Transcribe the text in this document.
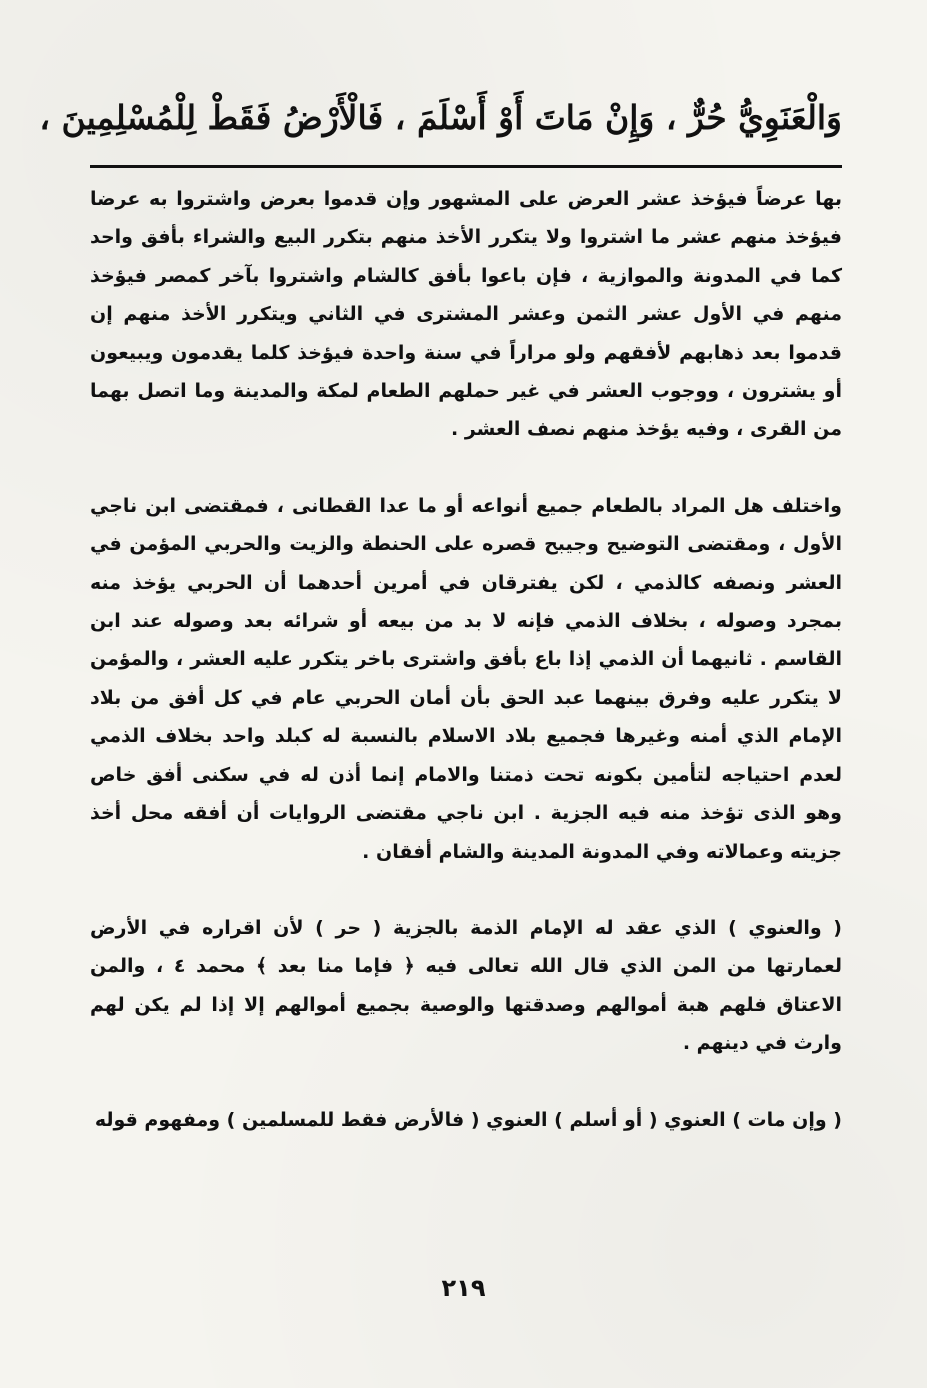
وَالْعَنَوِيُّ حُرٌّ ، وَإِنْ مَاتَ أَوْ أَسْلَمَ ، فَالْأَرْضُ فَقَطْ لِلْمُسْلِمِينَ ،

بها عرضاً فيؤخذ عشر العرض على المشهور وإن قدموا بعرض واشتروا به عرضا فيؤخذ منهم عشر ما اشتروا ولا يتكرر الأخذ منهم بتكرر البيع والشراء بأفق واحد كما في المدونة والموازية ، فإن باعوا بأفق كالشام واشتروا بآخر كمصر فيؤخذ منهم في الأول عشر الثمن وعشر المشترى في الثاني ويتكرر الأخذ منهم إن قدموا بعد ذهابهم لأفقهم ولو مراراً في سنة واحدة فيؤخذ كلما يقدمون ويبيعون أو يشترون ، ووجوب العشر في غير حملهم الطعام لمكة والمدينة وما اتصل بهما من القرى ، وفيه يؤخذ منهم نصف العشر .

واختلف هل المراد بالطعام جميع أنواعه أو ما عدا القطانى ، فمقتضى ابن ناجي الأول ، ومقتضى التوضيح وجيبح قصره على الحنطة والزيت والحربي المؤمن في العشر ونصفه كالذمي ، لكن يفترقان في أمرين أحدهما أن الحربي يؤخذ منه بمجرد وصوله ، بخلاف الذمي فإنه لا بد من بيعه أو شرائه بعد وصوله عند ابن القاسم . ثانيهما أن الذمي إذا باع بأفق واشترى باخر يتكرر عليه العشر ، والمؤمن لا يتكرر عليه وفرق بينهما عبد الحق بأن أمان الحربي عام في كل أفق من بلاد الإمام الذي أمنه وغيرها فجميع بلاد الاسلام بالنسبة له كبلد واحد بخلاف الذمي لعدم احتياجه لتأمين بكونه تحت ذمتنا والامام إنما أذن له في سكنى أفق خاص وهو الذى تؤخذ منه فيه الجزية . ابن ناجي مقتضى الروايات أن أفقه محل أخذ جزيته وعمالاته وفي المدونة المدينة والشام أفقان .

( والعنوي ) الذي عقد له الإمام الذمة بالجزية ( حر ) لأن اقراره في الأرض لعمارتها من المن الذي قال الله تعالى فيه ﴿ فإما منا بعد ﴾ محمد ٤ ، والمن الاعتاق فلهم هبة أموالهم وصدقتها والوصية بجميع أموالهم إلا إذا لم يكن لهم وارث في دينهم .

( وإن مات ) العنوي ( أو أسلم ) العنوي ( فالأرض فقط للمسلمين ) ومفهوم قوله

٢١٩
